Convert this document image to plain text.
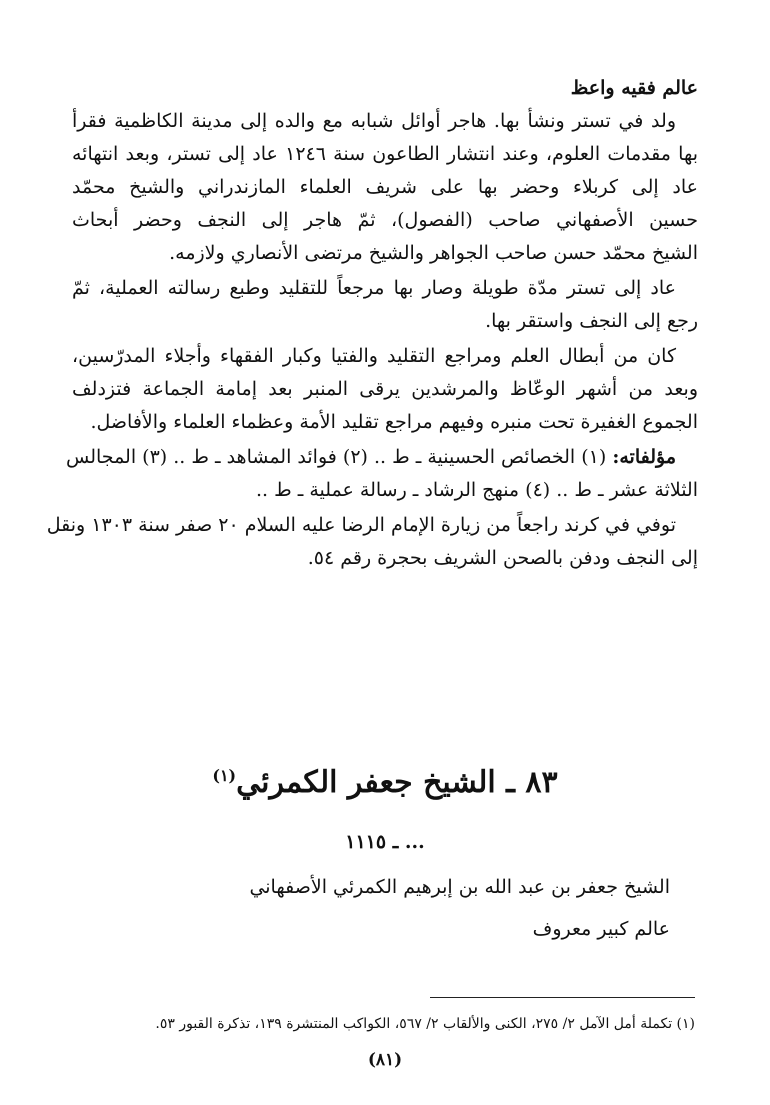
عالم فقيه واعظ
ولد في تستر ونشأ بها. هاجر أوائل شبابه مع والده إلى مدينة الكاظمية فقرأ
بها مقدمات العلوم، وعند انتشار الطاعون سنة ١٢٤٦ عاد إلى تستر، وبعد انتهائه
عاد إلى كربلاء وحضر بها على شريف العلماء المازندراني والشيخ محمّد
حسين الأصفهاني صاحب (الفصول)، ثمّ هاجر إلى النجف وحضر أبحاث
الشيخ محمّد حسن صاحب الجواهر والشيخ مرتضى الأنصاري ولازمه.
عاد إلى تستر مدّة طويلة وصار بها مرجعاً للتقليد وطبع رسالته العملية، ثمّ
رجع إلى النجف واستقر بها.
كان من أبطال العلم ومراجع التقليد والفتيا وكبار الفقهاء وأجلاء المدرّسين،
وبعد من أشهر الوعّاظ والمرشدين يرقى المنبر بعد إمامة الجماعة فتزدلف
الجموع الغفيرة تحت منبره وفيهم مراجع تقليد الأمة وعظماء العلماء والأفاضل.
مؤلفاته: (١) الخصائص الحسينية ـ ط .. (٢) فوائد المشاهد ـ ط .. (٣) المجالس
الثلاثة عشر ـ ط .. (٤) منهج الرشاد ـ رسالة عملية ـ ط ..
توفي في كرند راجعاً من زيارة الإمام الرضا عليه السلام ٢٠ صفر سنة ١٣٠٣ ونقل
إلى النجف ودفن بالصحن الشريف بحجرة رقم ٥٤.
٨٣ ـ الشيخ جعفر الكمرئي$^{(١)}$
... ـ ١١١٥
الشيخ جعفر بن عبد الله بن إبرهيم الكمرئي الأصفهاني
عالم كبير معروف
(١) تكملة أمل الآمل ٢/ ٢٧٥، الكنى والألقاب ٢/ ٥٦٧، الكواكب المنتشرة ١٣٩، تذكرة القبور ٥٣.
(٨١)
